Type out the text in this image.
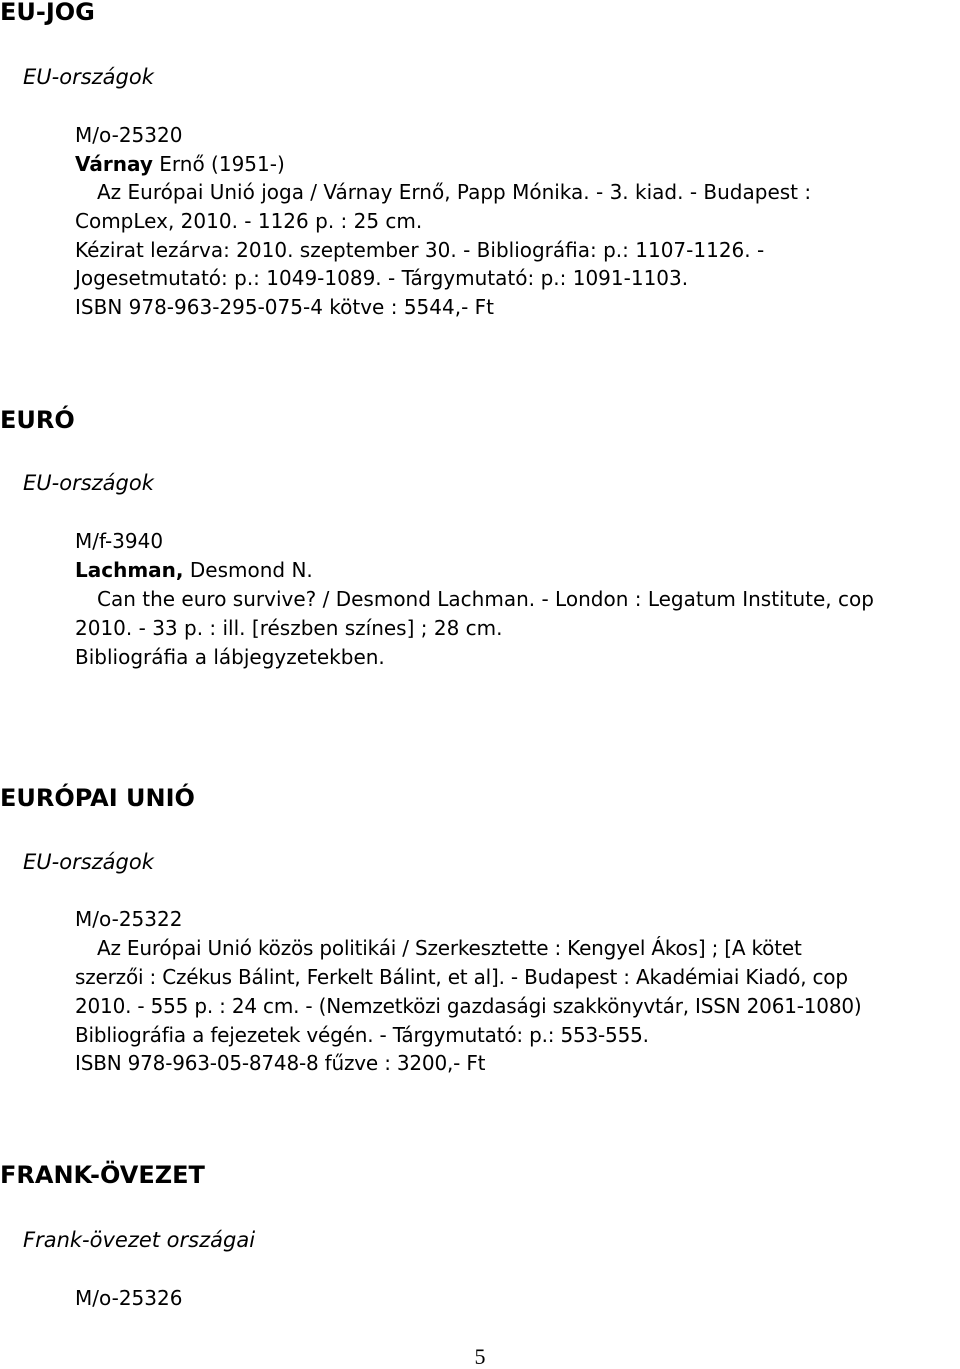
EU-JOG
EU-országok
M/o-25320
Várnay Ernő (1951-)
Az Európai Unió joga / Várnay Ernő, Papp Mónika. - 3. kiad. - Budapest :
CompLex, 2010. - 1126 p. : 25 cm.
Kézirat lezárva: 2010. szeptember 30. - Bibliográfia: p.: 1107-1126. -
Jogesetmutató: p.: 1049-1089. - Tárgymutató: p.: 1091-1103.
ISBN 978-963-295-075-4 kötve : 5544,- Ft
EURÓ
EU-országok
M/f-3940
Lachman, Desmond N.
Can the euro survive? / Desmond Lachman. - London : Legatum Institute, cop
2010. - 33 p. : ill. [részben színes] ; 28 cm.
Bibliográfia a lábjegyzetekben.
EURÓPAI UNIÓ
EU-országok
M/o-25322
Az Európai Unió közös politikái / Szerkesztette : Kengyel Ákos] ; [A kötet
szerzői : Czékus Bálint, Ferkelt Bálint, et al]. - Budapest : Akadémiai Kiadó, cop
2010. - 555 p. : 24 cm. - (Nemzetközi gazdasági szakkönyvtár, ISSN 2061-1080)
Bibliográfia a fejezetek végén. - Tárgymutató: p.: 553-555.
ISBN 978-963-05-8748-8 fűzve : 3200,- Ft
FRANK-ÖVEZET
Frank-övezet országai
M/o-25326
5
